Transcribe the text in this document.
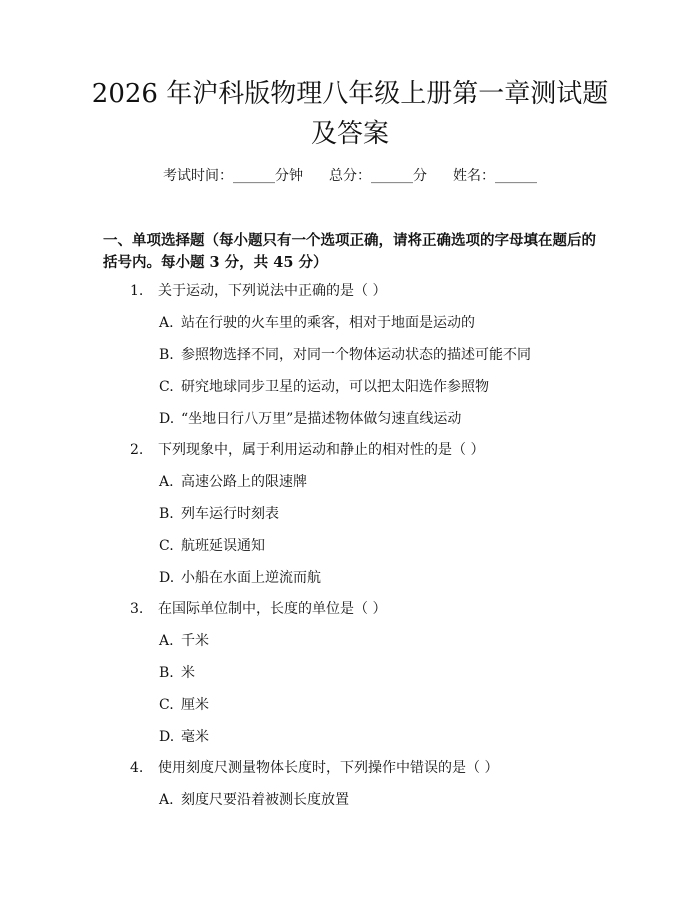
2026 年沪科版物理八年级上册第一章测试题
及答案
考试时间：______分钟 总分：______分 姓名：______
一、单项选择题（每小题只有一个选项正确，请将正确选项的字母填在题后的括号内。每小题 3 分，共 45 分）
1. 关于运动，下列说法中正确的是（ ）
A. 站在行驶的火车里的乘客，相对于地面是运动的
B. 参照物选择不同，对同一个物体运动状态的描述可能不同
C. 研究地球同步卫星的运动，可以把太阳选作参照物
D. “坐地日行八万里”是描述物体做匀速直线运动
2. 下列现象中，属于利用运动和静止的相对性的是（ ）
A. 高速公路上的限速牌
B. 列车运行时刻表
C. 航班延误通知
D. 小船在水面上逆流而航
3. 在国际单位制中，长度的单位是（ ）
A. 千米
B. 米
C. 厘米
D. 毫米
4. 使用刻度尺测量物体长度时，下列操作中错误的是（ ）
A. 刻度尺要沿着被测长度放置
